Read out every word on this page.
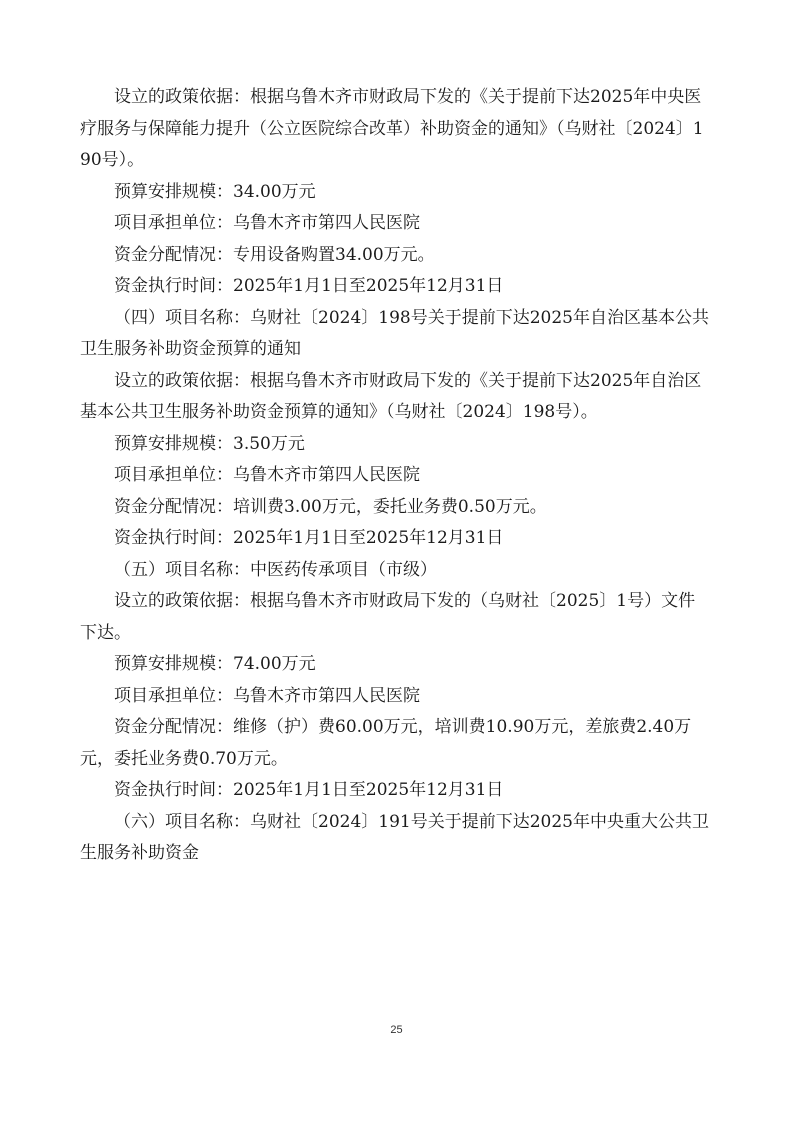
设立的政策依据：根据乌鲁木齐市财政局下发的《关于提前下达2025年中央医疗服务与保障能力提升（公立医院综合改革）补助资金的通知》（乌财社〔2024〕190号）。

预算安排规模：34.00万元

项目承担单位：乌鲁木齐市第四人民医院

资金分配情况：专用设备购置34.00万元。

资金执行时间：2025年1月1日至2025年12月31日

（四）项目名称：乌财社〔2024〕198号关于提前下达2025年自治区基本公共卫生服务补助资金预算的通知

设立的政策依据：根据乌鲁木齐市财政局下发的《关于提前下达2025年自治区基本公共卫生服务补助资金预算的通知》（乌财社〔2024〕198号）。

预算安排规模：3.50万元

项目承担单位：乌鲁木齐市第四人民医院

资金分配情况：培训费3.00万元，委托业务费0.50万元。

资金执行时间：2025年1月1日至2025年12月31日

（五）项目名称：中医药传承项目（市级）

设立的政策依据：根据乌鲁木齐市财政局下发的（乌财社〔2025〕1号）文件下达。

预算安排规模：74.00万元

项目承担单位：乌鲁木齐市第四人民医院

资金分配情况：维修（护）费60.00万元，培训费10.90万元，差旅费2.40万元，委托业务费0.70万元。

资金执行时间：2025年1月1日至2025年12月31日

（六）项目名称：乌财社〔2024〕191号关于提前下达2025年中央重大公共卫生服务补助资金

25
